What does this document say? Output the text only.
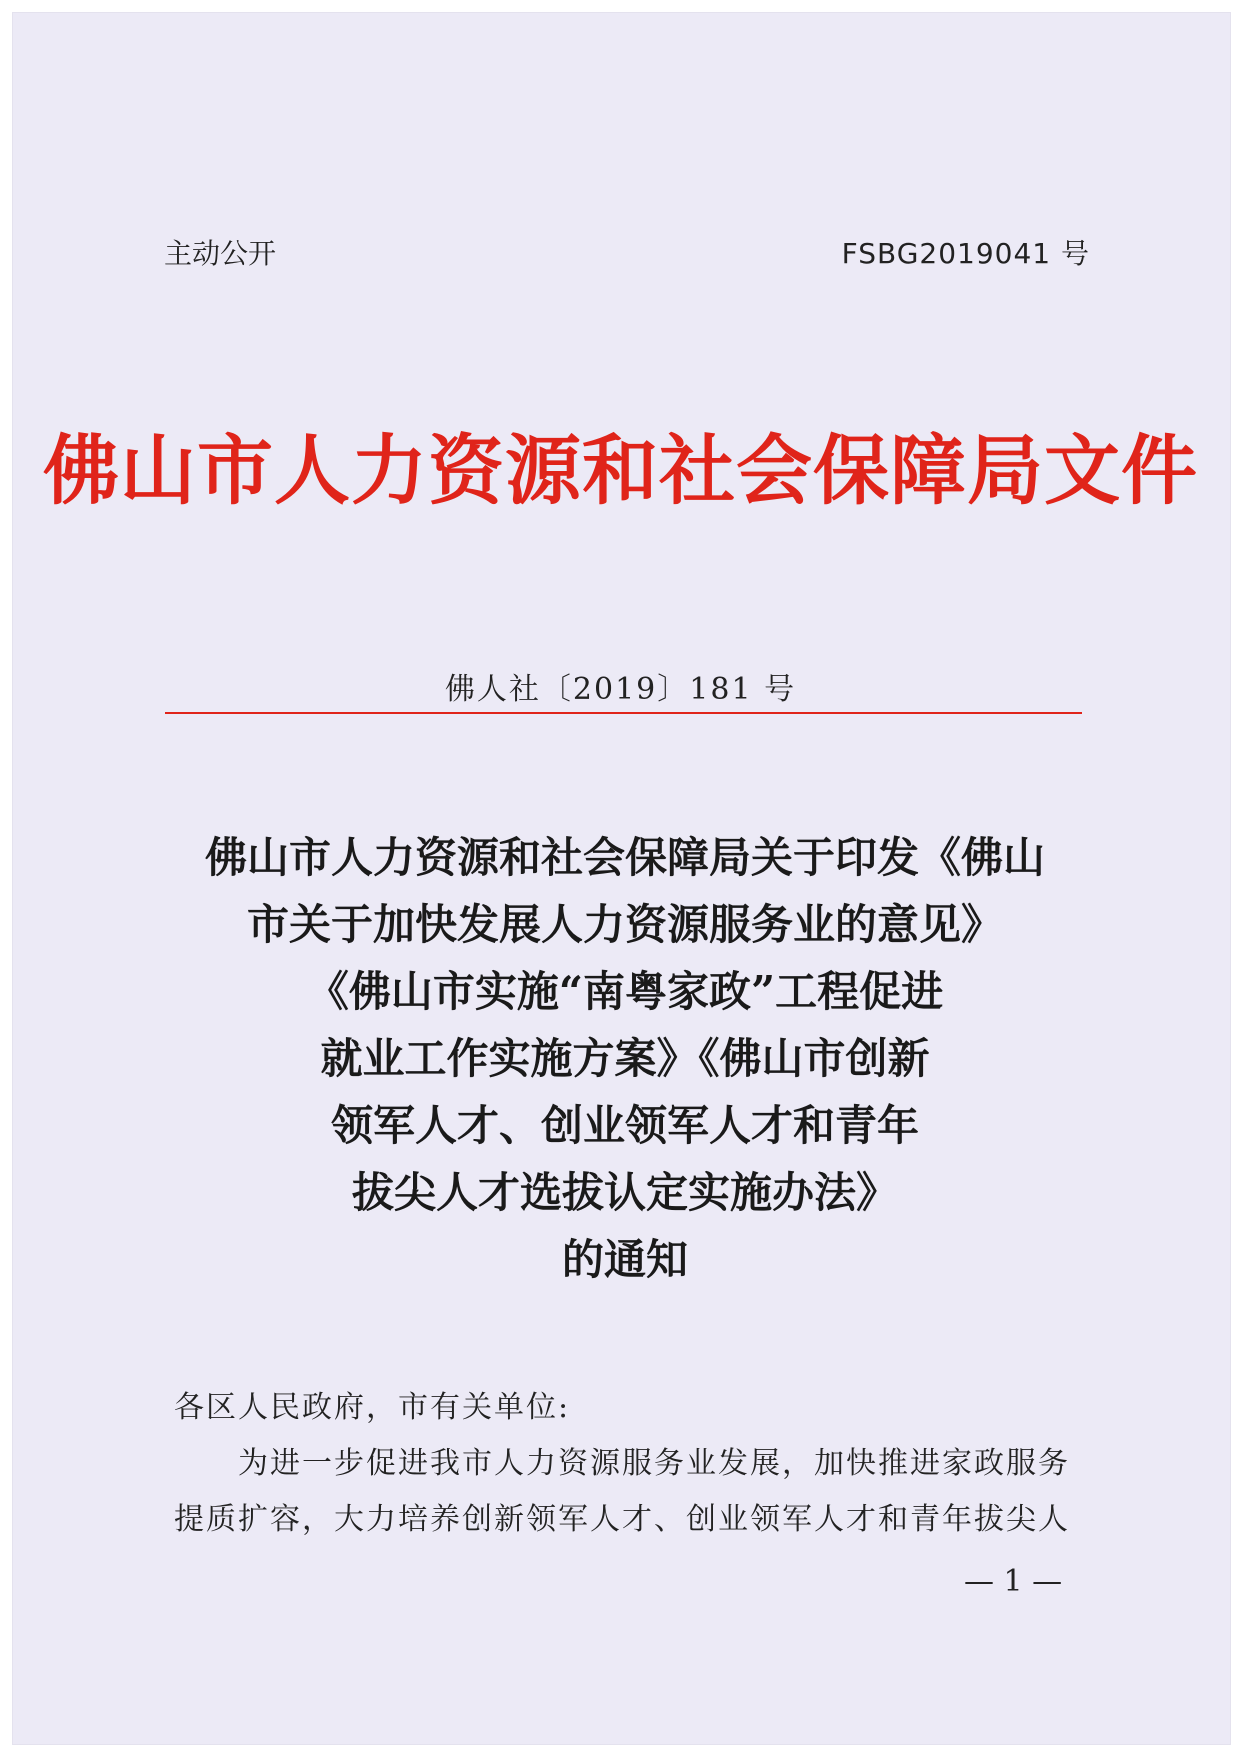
主动公开	FSBG2019041 号
佛山市人力资源和社会保障局文件
佛人社〔2019〕181 号
佛山市人力资源和社会保障局关于印发《佛山
市关于加快发展人力资源服务业的意见》
《佛山市实施“南粤家政”工程促进
就业工作实施方案》《佛山市创新
领军人才、创业领军人才和青年
拔尖人才选拔认定实施办法》
的通知
各区人民政府，市有关单位:
为进一步促进我市人力资源服务业发展，加快推进家政服务
提质扩容，大力培养创新领军人才、创业领军人才和青年拔尖人
— 1 —
